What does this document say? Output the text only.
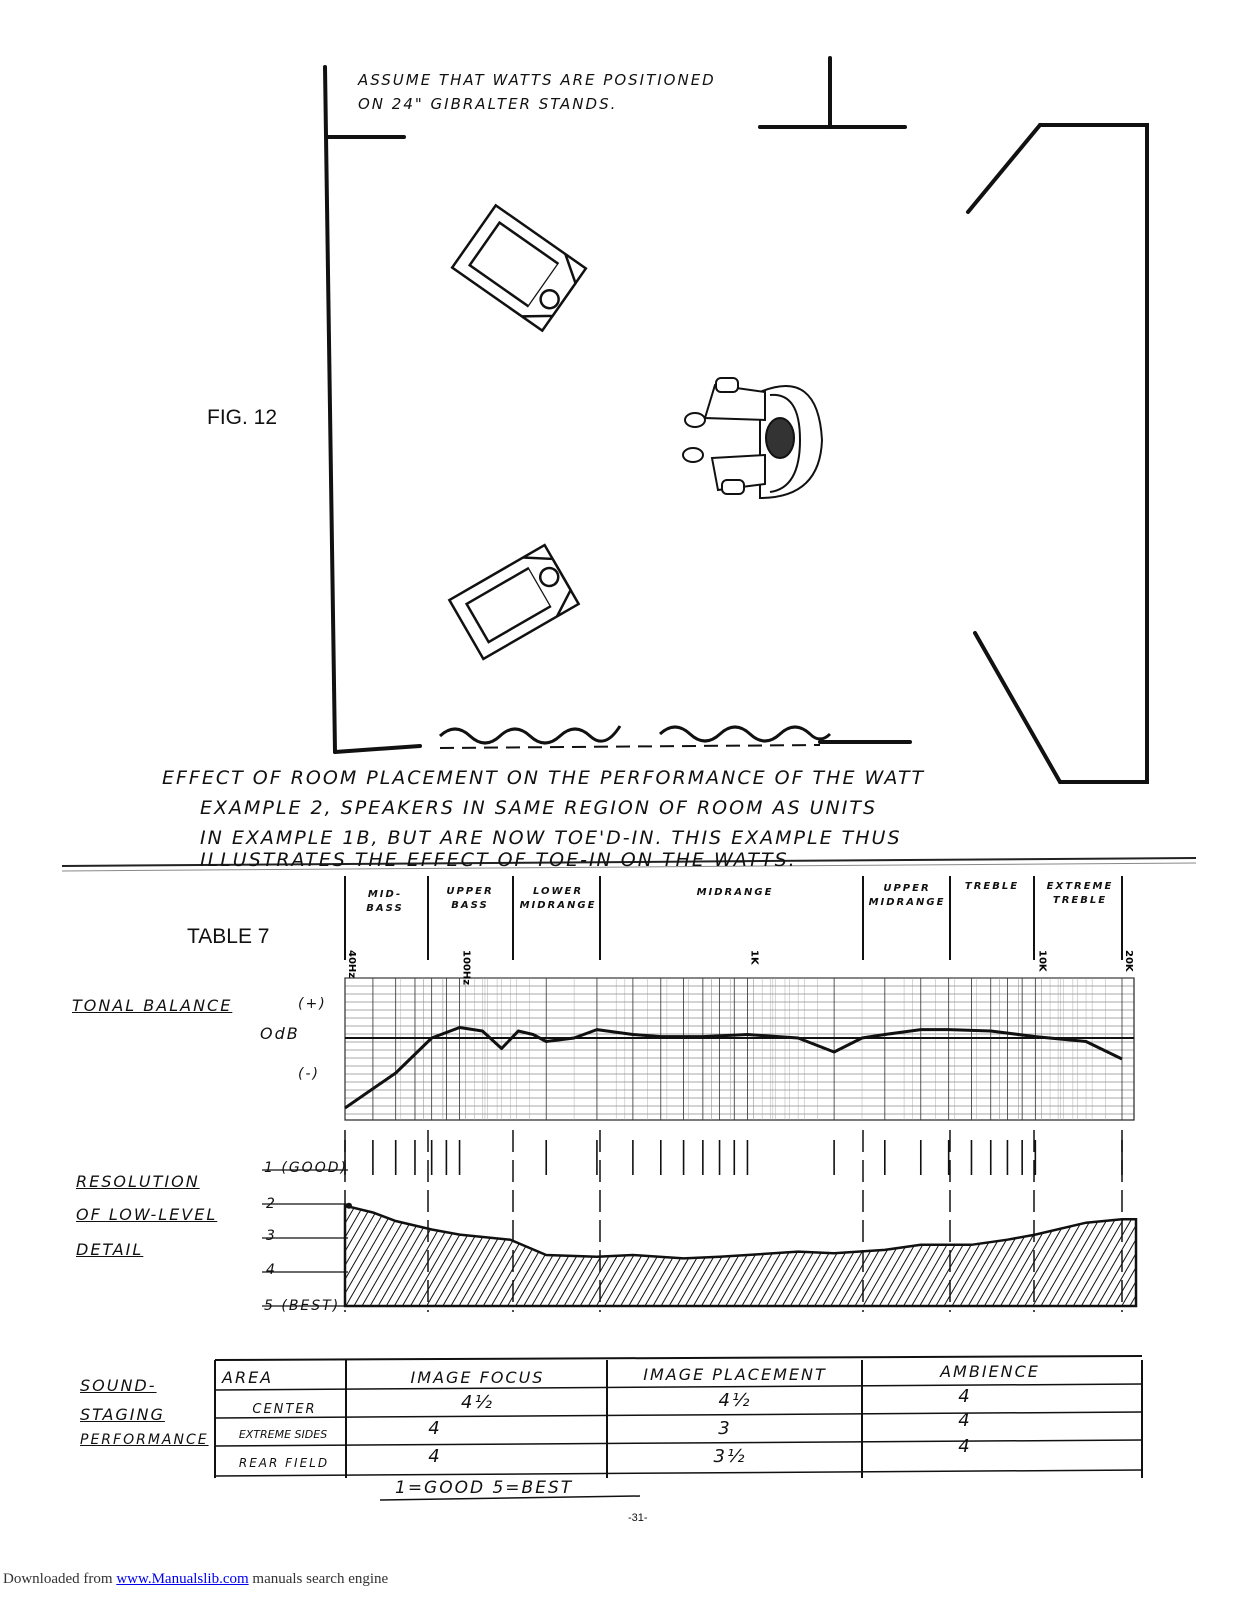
ASSUME THAT WATTS ARE POSITIONED
ON 24" GIBRALTER STANDS.
FIG. 12
EFFECT OF ROOM PLACEMENT ON THE PERFORMANCE OF THE WATT
EXAMPLE 2, SPEAKERS IN SAME REGION OF ROOM AS UNITS
IN EXAMPLE 1B, BUT ARE NOW TOE'D-IN. THIS EXAMPLE THUS
ILLUSTRATES THE EFFECT OF TOE-IN ON THE WATTS.
TABLE 7
40Hz	100Hz	1K	10K	20K
MID-
BASS
UPPER
BASS
LOWER
MIDRANGE
MIDRANGE	UPPER
MIDRANGE
TREBLE	EXTREME
TREBLE
TONAL BALANCE	(+)
OdB
(-)
RESOLUTION
OF LOW-LEVEL
DETAIL
1 (GOOD)
2
3
4
5 (BEST)
SOUND-
STAGING
PERFORMANCE
AREA	IMAGE FOCUS	IMAGE PLACEMENT	AMBIENCE
CENTER	4½	4½	4
EXTREME SIDES	4	3	4
REAR FIELD	4	3½	4
1=GOOD 5=BEST
-31-
Downloaded from www.Manualslib.com manuals search engine
